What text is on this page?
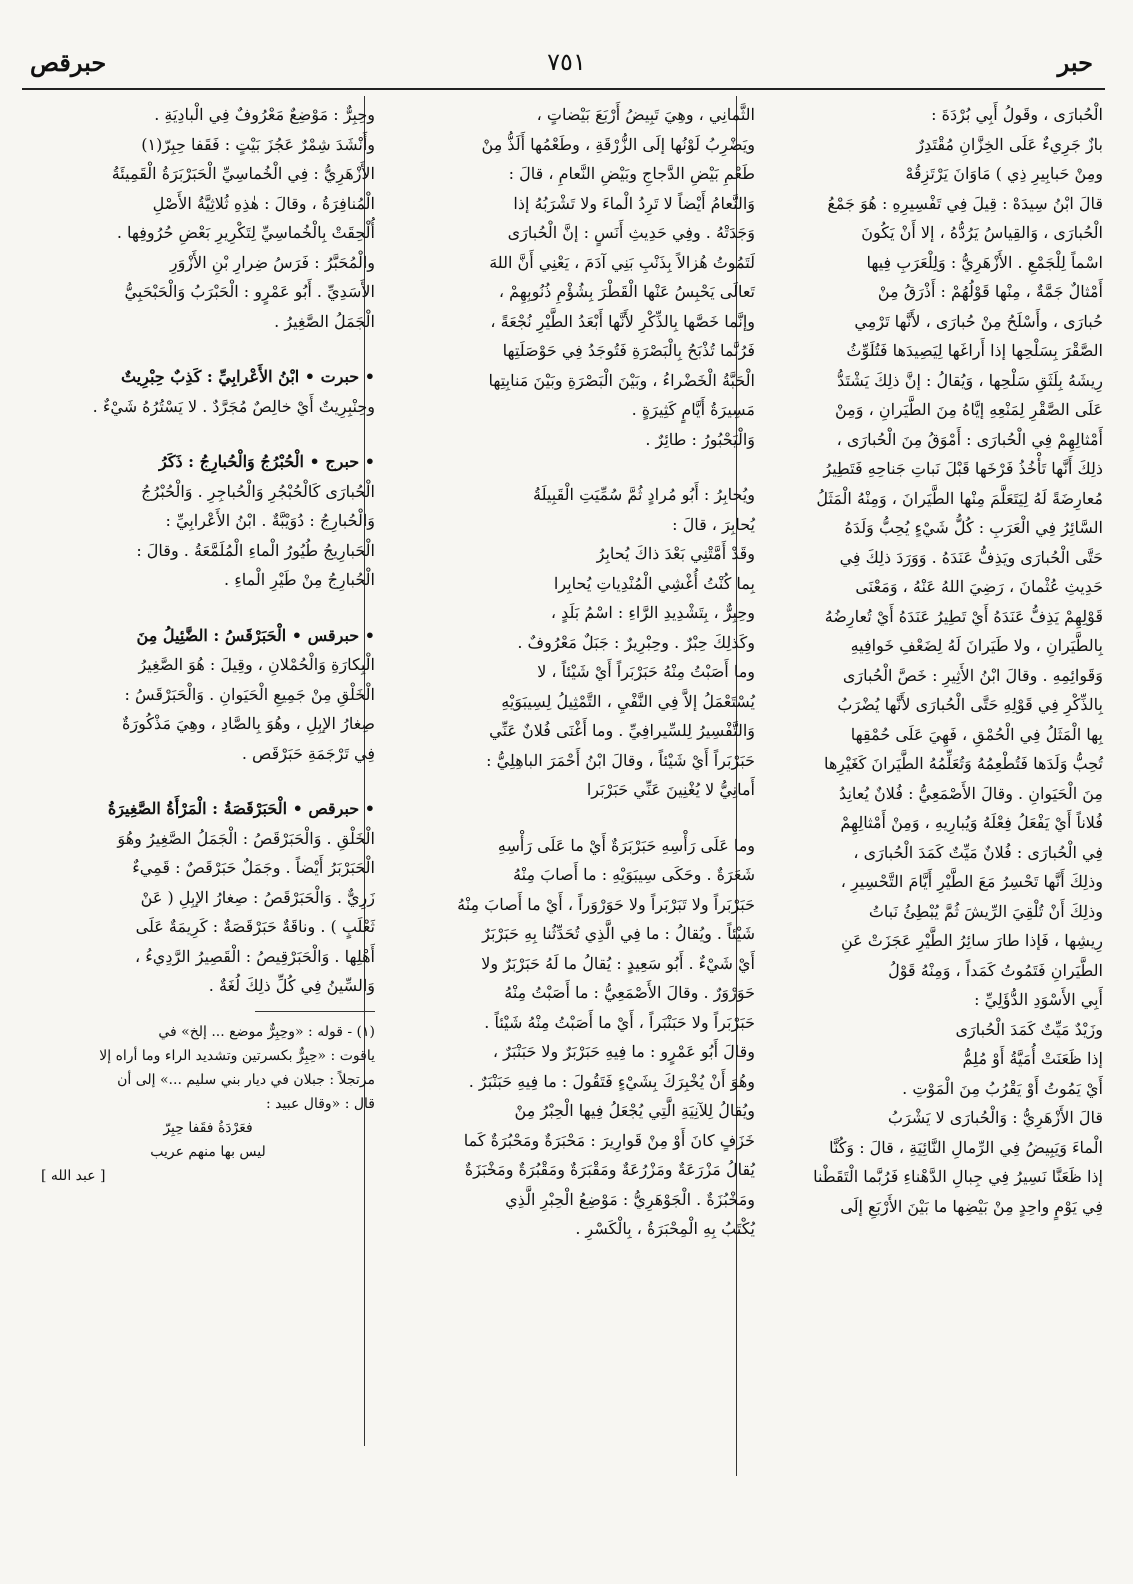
حبر
٧٥١
حبرقص

الْحُبارَى ، وقَولُ أَبِي بُرْدَةَ :

بازٌ جَرِيءٌ عَلَى الخِزَّانِ مُقْتَدِرٌ

ومِنْ حَبابِيرِ ذِي ) مَاوَانَ يَرْتَزِقُهْ

قالَ ابْنُ سِيدَهْ : قِيلَ فِي تَفْسِيرِهِ : هُوَ جَمْعُ

الْحُبارَى ، وَالقِياسُ يَرُدُّهُ ، إلا أَنْ يَكُونَ

اسْماً لِلْجَمْعِ . الأَزْهَرِيُّ : وَلِلْعَرَبِ فِيها

أَمْثالٌ جَمَّةٌ ، مِنْها قَوْلُهُمْ : أَذْرَقُ مِنْ

حُبارَى ، وأَسْلَحُ مِنْ حُبارَى ، لأَنَّها تَرْمِي

الصَّقْرَ بِسَلْحِها إذا أَراغَها لِيَصِيدَها فَتُلَوِّثُ

رِيشَهُ بِلَثَقِ سَلْحِها ، وَيُقالُ : إنَّ ذلِكَ يَشْتَدُّ

عَلَى الصَّقْرِ لِمَنْعِهِ إيَّاهُ مِنَ الطَّيَرانِ ، وَمِنْ

أَمْثالِهِمْ فِي الْحُبارَى : أَمْوَقُ مِنَ الْحُبارَى ،

ذلِكَ أَنَّها تَأْخُذُ فَرْخَها قَبْلَ نَباتِ جَناحِهِ فَتَطِيرُ

مُعارِضَةً لَهُ لِيَتَعَلَّمَ مِنْها الطَّيَرانَ ، وَمِنْهُ الْمَثَلُ

السَّائِرُ فِي الْعَرَبِ : كُلُّ شَيْءٍ يُحِبُّ وَلَدَهُ

حَتَّى الْحُبارَى ويَذِفُّ عَنَدَهُ . وَوَرَدَ ذلِكَ فِي

حَدِيثِ عُثْمانَ ، رَضِيَ اللهُ عَنْهُ ، وَمَعْنَى

قَوْلِهِمْ يَذِفُّ عَنَدَهُ أَيْ تَطِيرُ عَنَدَهُ أَيْ تُعارِضُهُ

بِالطَّيَرانِ ، ولا طَيَرانَ لَهُ لِضَعْفِ خَوافِيهِ

وَقَوائِمِهِ . وقالَ ابْنُ الأَثِيرِ : خَصَّ الْحُبارَى

بِالذِّكْرِ فِي قَوْلِهِ حَتَّى الْحُبارَى لأَنَّها يُضْرَبُ

بِها الْمَثَلُ فِي الْحُمْقِ ، فَهِيَ عَلَى حُمْقِها

تُحِبُّ وَلَدَها فَتُطْعِمُهُ وَتُعَلِّمُهُ الطَّيَرانَ كَغَيْرِها

مِنَ الْحَيَوانِ . وقالَ الأَصْمَعِيُّ : فُلانٌ يُعانِدُ

فُلاناً أَيْ يَفْعَلُ فِعْلَهُ وَيُبارِيهِ ، وَمِنْ أَمْثالِهِمْ

فِي الْحُبارَى : فُلانٌ مَيِّتٌ كَمَدَ الْحُبارَى ،

وذلِكَ أَنَّها تَحْسِرُ مَعَ الطَّيْرِ أَيَّامَ التَّحْسِيرِ ،

وذلِكَ أَنْ تُلْقِيَ الرِّيشَ ثُمَّ يُبْطِئُ نَباتُ

رِيشِها ، فَإذا طارَ سائِرُ الطَّيْرِ عَجَزَتْ عَنِ

الطَّيَرانِ فَتَمُوتُ كَمَداً ، وَمِنْهُ قَوْلُ

أَبِي الأَسْوَدِ الدُّؤَلِيِّ :

وزَيْدٌ مَيِّتٌ كَمَدَ الْحُبارَى

إذا ظَعَنَتْ أُمَيَّةُ أَوْ مُلِمُّ

أَيْ يَمُوتُ أَوْ يَقْرُبُ مِنَ الْمَوْتِ .

قالَ الأَزْهَرِيُّ : وَالْحُبارَى لا يَشْرَبُ

الْماءَ وَيَبِيضُ فِي الرِّمالِ النَّائِيَةِ ، قالَ : وَكُنَّا

إذا ظَعَنَّا نَسِيرُ فِي جِبالِ الدَّهْناءِ فَرُبَّما الْتَقَطْنا

فِي يَوْمٍ واحِدٍ مِنْ بَيْضِها ما بَيْنَ الأَرْبَعِ إلَى

الثَّمانِي ، وهِيَ تَبِيضُ أَرْبَعَ بَيْضاتٍ ،

ويَضْرِبُ لَوْنُها إلَى الزُّرْقَةِ ، وطَعْمُها أَلَذُّ مِنْ

طَعْمِ بَيْضِ الدَّجاجِ وبَيْضِ النَّعامِ ، قالَ :

وَالنَّعامُ أَيْضاً لا تَرِدُ الْماءَ ولا تَشْرَبُهُ إذا

وَجَدَتْهُ . وفِي حَدِيثِ أَنَسٍ : إنَّ الْحُبارَى

لَتَمُوتُ هُزالاً بِذَنْبِ بَنِي آدَمَ ، يَعْنِي أَنَّ اللهَ

تَعالَى يَحْبِسُ عَنْها الْقَطْرَ بِشُؤْمِ ذُنُوبِهِمْ ،

وإنَّما خَصَّها بِالذِّكْرِ لأَنَّها أَبْعَدُ الطَّيْرِ نُجْعَةً ،

فَرُبَّما تُذْبَحُ بِالْبَصْرَةِ فَتُوجَدُ فِي حَوْصَلَتِها

الْحَبَّةُ الْخَضْراءُ ، وبَيْنَ الْبَصْرَةِ وبَيْنَ مَنابِتِها

مَسِيرَةُ أَيَّامٍ كَثِيرَةٍ .

وَالْيَحْبُورُ : طائِرٌ .

ويُحابِرُ : أَبُو مُرادٍ ثُمَّ سُمِّيَتِ الْقَبِيلَةُ

يُحابِرَ ، قالَ :

وقَدْ أَمَّتْنِي بَعْدَ ذاكَ يُحابِرُ

بِما كُنْتُ أُغْشِي الْمُنْدِياتِ يُحابِرا

وحِبِرٌّ ، بِتَشْدِيدِ الرَّاءِ : اسْمُ بَلَدٍ ،

وكَذلِكَ حِبْرٌ . وحِبْرِيرٌ : جَبَلٌ مَعْرُوفٌ .

وما أَصَبْتُ مِنْهُ حَبَرْبَراً أَيْ شَيْئاً ، لا

يُسْتَعْمَلُ إلاَّ فِي النَّفْيِ ، التَّمْثِيلُ لِسِيبَوَيْهِ

وَالتَّفْسِيرُ لِلسِّيرافِيِّ . وما أَغْنَى فُلانٌ عَنِّي

حَبَرْبَراً أَيْ شَيْئاً ، وقالَ ابْنُ أَحْمَرَ الباهِلِيُّ :

أَمانِيُّ لا يُغْنِينَ عَنِّي حَبَرْبَرا

وما عَلَى رَأْسِهِ حَبَرْبَرَةٌ أَيْ ما عَلَى رَأْسِهِ

شَعَرَةٌ . وحَكَى سِيبَوَيْهِ : ما أَصابَ مِنْهُ

حَبَرْبَراً ولا تَبَرْبَراً ولا حَوَرْوَراً ، أَيْ ما أَصابَ مِنْهُ

شَيْئاً . ويُقالُ : ما فِي الَّذِي تُحَدِّثُنا بِهِ حَبَرْبَرٌ

أَيْ شَيْءٌ . أَبُو سَعِيدٍ : يُقالُ ما لَهُ حَبَرْبَرٌ ولا

حَوَرْوَرٌ . وقالَ الأَصْمَعِيُّ : ما أَصَبْتُ مِنْهُ

حَبَرْبَراً ولا حَبَنْبَراً ، أَيْ ما أَصَبْتُ مِنْهُ شَيْئاً .

وقالَ أَبُو عَمْرٍو : ما فِيهِ حَبَرْبَرٌ ولا حَبَنْبَرٌ ،

وهُوَ أَنْ يُخْبِرَكَ بِشَيْءٍ فَتَقُولَ : ما فِيهِ حَبَنْبَرٌ .

ويُقالُ لِلآنِيَةِ الَّتِي يُجْعَلُ فِيها الْحِبْرُ مِنْ

خَزَفٍ كانَ أَوْ مِنْ قَوارِيرَ : مَحْبَرَةٌ ومَحْبُرَةٌ كَما

يُقالُ مَزْرَعَةٌ ومَزْرُعَةٌ ومَقْبَرَةٌ ومَقْبُرَةٌ ومَخْبَزَةٌ

ومَخْبُزَةٌ . الْجَوْهَرِيُّ : مَوْضِعُ الْحِبْرِ الَّذِي

يُكْتَبُ بِهِ الْمِحْبَرَةُ ، بِالْكَسْرِ .

وحِبِرٌّ : مَوْضِعٌ مَعْرُوفٌ فِي الْبادِيَةِ .

وأَنْشَدَ شِمْرٌ عَجُزَ بَيْتٍ : فَقَفا حِبِرّ(١)

الأَزْهَرِيُّ : فِي الْخُماسِيِّ الْحَبَرْبَرَةُ الْقَمِيئَةُ

الْمُنافِرَةُ ، وقالَ : هٰذِهِ ثُلاثِيَّةُ الأَصْلِ

أُلْحِقَتْ بِالْخُماسِيِّ لِتَكْرِيرِ بَعْضِ حُرُوفِها .

والْمُحَبَّرُ : فَرَسُ ضِرارِ بْنِ الأَزْوَرِ

الأَسَدِيِّ . أَبُو عَمْرٍو : الْحَبْرَبُ وَالْحَبْحَبِيُّ

الْجَمَلُ الصَّغِيرُ .

• حبرت • ابْنُ الأَعْرابِيِّ : كَذِبٌ حِبْرِيتٌ

وحِنْبِرِيتٌ أَيْ خالِصٌ مُجَرَّدٌ . لا يَسْتُرُهُ شَيْءٌ .

• حبرج • الْحُبْرُجُ وَالْحُبارِجُ : ذَكَرُ

الْحُبارَى كَالْحُبْجُرِ وَالْحُباجِرِ . وَالْحُبْرُجُ

وَالْحُبارِجُ : دُوَيْبَّةٌ . ابْنُ الأَعْرابِيِّ :

الْحَبارِيجُ طُيُورُ الْماءِ الْمُلَمَّعَةُ . وقالَ :

الْحُبارِجُ مِنْ طَيْرِ الْماءِ .

• حبرقس • الْحَبَرْقَسُ : الضَّئِيلُ مِنَ

الْبِكارَةِ وَالْحُمْلانِ ، وقِيلَ : هُوَ الصَّغِيرُ

الْخَلْقِ مِنْ جَمِيعِ الْحَيَوانِ . وَالْحَبَرْقَسُ :

صِغارُ الإبِلِ ، وهُوَ بِالصَّادِ ، وهِيَ مَذْكُورَةٌ

فِي تَرْجَمَةِ حَبَرْقَص .

• حبرقص • الْحَبَرْقَصَةُ : الْمَرْأَةُ الصَّغِيرَةُ

الْخَلْقِ . وَالْحَبَرْقَصُ : الْجَمَلُ الصَّغِيرُ وهُوَ

الْحَبَرْبَرُ أَيْضاً . وجَمَلٌ حَبَرْقَصٌ : قَمِيءٌ

زَرِيٌّ . وَالْحَبَرْقَصُ : صِغارُ الإبِلِ ( عَنْ

ثَعْلَبٍ ) . وناقَةٌ حَبَرْقَصَةٌ : كَرِيمَةٌ عَلَى

أَهْلِها . وَالْحَبَرْقِيصُ : الْقَصِيرُ الرَّدِيءُ ،

وَالسِّينُ فِي كُلِّ ذلِكَ لُغَةٌ .

(١) - قوله : «وحِبِرٌّ موضع ... إلخ» في
ياقوت : «حِبِرٌّ بكسرتين وتشديد الراء وما أراه إلا
مرتجلاً : جبلان في ديار بني سليم ...» إلى أن
قال : «وقال عبيد :
فعَرْدَةُ فقَفا حِبِرّ
ليس بها منهم عريب
[ عبد الله ]
